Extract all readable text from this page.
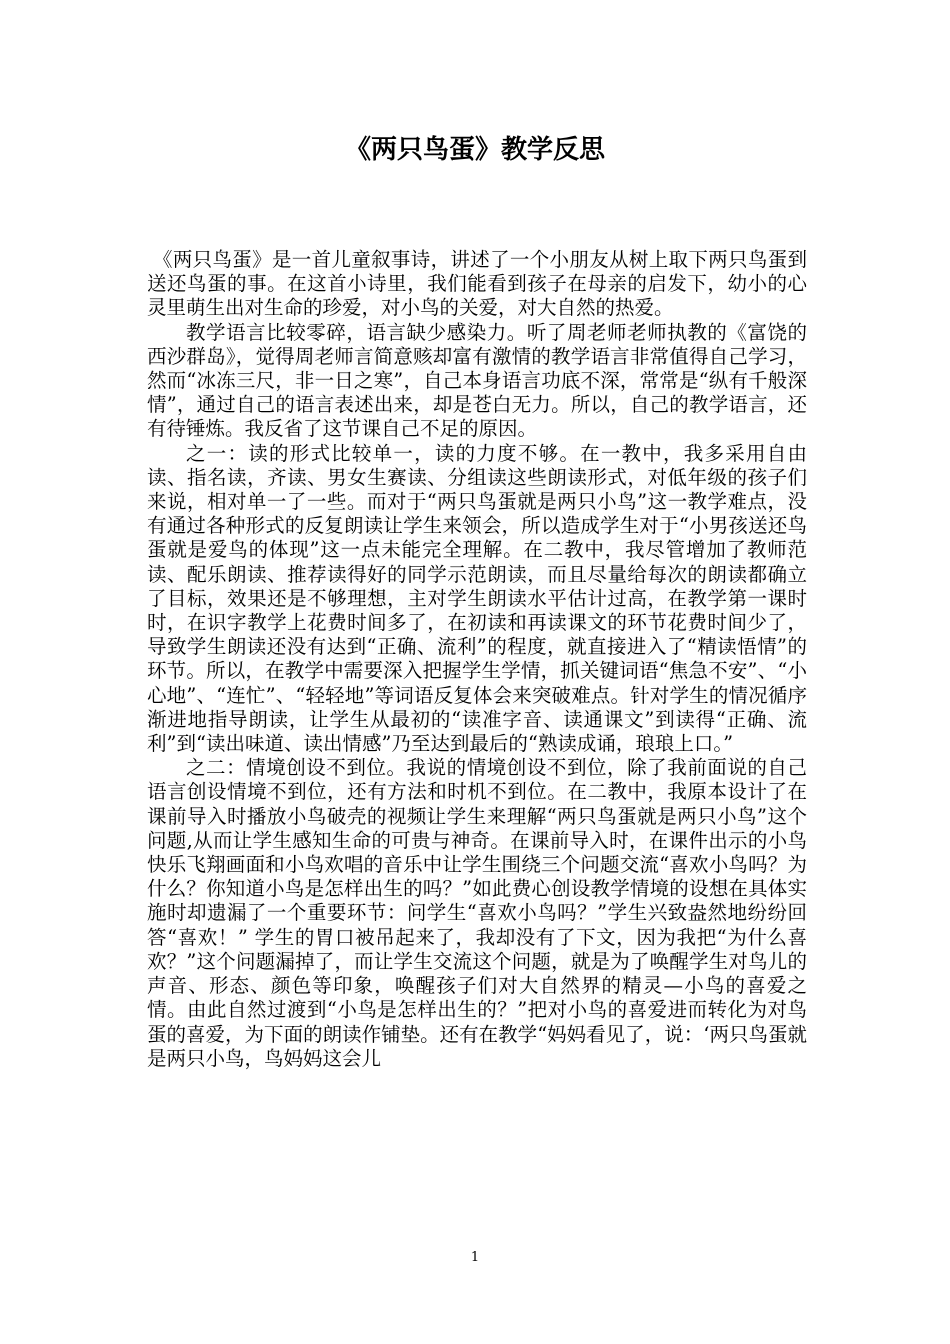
《两只鸟蛋》教学反思

《两只鸟蛋》是一首儿童叙事诗，讲述了一个小朋友从树上取下两只鸟蛋到送还鸟蛋的事。在这首小诗里，我们能看到孩子在母亲的启发下，幼小的心灵里萌生出对生命的珍爱，对小鸟的关爱，对大自然的热爱。

教学语言比较零碎，语言缺少感染力。听了周老师老师执教的《富饶的西沙群岛》，觉得周老师言简意赅却富有激情的教学语言非常值得自己学习，然而“冰冻三尺，非一日之寒”，自己本身语言功底不深，常常是“纵有千般深情”，通过自己的语言表述出来，却是苍白无力。所以，自己的教学语言，还有待锤炼。我反省了这节课自己不足的原因。

之一：读的形式比较单一，读的力度不够。在一教中，我多采用自由读、指名读，齐读、男女生赛读、分组读这些朗读形式，对低年级的孩子们来说，相对单一了一些。而对于“两只鸟蛋就是两只小鸟”这一教学难点，没有通过各种形式的反复朗读让学生来领会，所以造成学生对于“小男孩送还鸟蛋就是爱鸟的体现”这一点未能完全理解。在二教中，我尽管增加了教师范读、配乐朗读、推荐读得好的同学示范朗读，而且尽量给每次的朗读都确立了目标，效果还是不够理想，主对学生朗读水平估计过高，在教学第一课时时，在识字教学上花费时间多了，在初读和再读课文的环节花费时间少了，导致学生朗读还没有达到“正确、流利”的程度，就直接进入了“精读悟情”的环节。所以，在教学中需要深入把握学生学情，抓关键词语“焦急不安”、“小心地”、“连忙”、“轻轻地”等词语反复体会来突破难点。针对学生的情况循序渐进地指导朗读，让学生从最初的“读准字音、读通课文”到读得“正确、流利”到“读出味道、读出情感”乃至达到最后的“熟读成诵，琅琅上口。”

之二：情境创设不到位。我说的情境创设不到位，除了我前面说的自己语言创设情境不到位，还有方法和时机不到位。在二教中，我原本设计了在课前导入时播放小鸟破壳的视频让学生来理解“两只鸟蛋就是两只小鸟”这个问题,从而让学生感知生命的可贵与神奇。在课前导入时，在课件出示的小鸟快乐飞翔画面和小鸟欢唱的音乐中让学生围绕三个问题交流“喜欢小鸟吗？为什么？你知道小鸟是怎样出生的吗？”如此费心创设教学情境的设想在具体实施时却遗漏了一个重要环节：问学生“喜欢小鸟吗？”学生兴致盎然地纷纷回答“喜欢！” 学生的胃口被吊起来了，我却没有了下文，因为我把“为什么喜欢？”这个问题漏掉了，而让学生交流这个问题，就是为了唤醒学生对鸟儿的声音、形态、颜色等印象，唤醒孩子们对大自然界的精灵—小鸟的喜爱之情。由此自然过渡到“小鸟是怎样出生的？”把对小鸟的喜爱进而转化为对鸟蛋的喜爱，为下面的朗读作铺垫。还有在教学“妈妈看见了，说：‘两只鸟蛋就是两只小鸟，鸟妈妈这会儿

1
